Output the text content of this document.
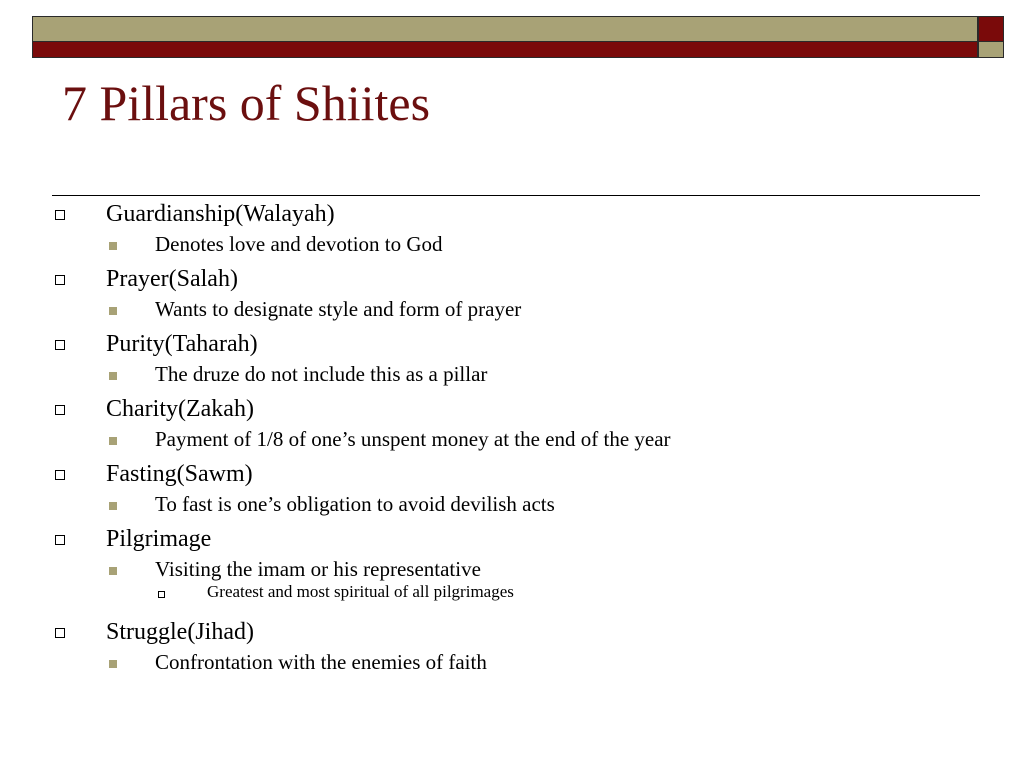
7 Pillars of Shiites
Guardianship(Walayah)
Denotes love and devotion to God
Prayer(Salah)
Wants to designate style and form of prayer
Purity(Taharah)
The druze do not include this as a pillar
Charity(Zakah)
Payment of 1/8 of one’s unspent money at the end of the year
Fasting(Sawm)
To fast is one’s obligation to avoid devilish acts
Pilgrimage
Visiting the imam or his representative
Greatest and most spiritual of all pilgrimages
Struggle(Jihad)
Confrontation with the enemies of faith
